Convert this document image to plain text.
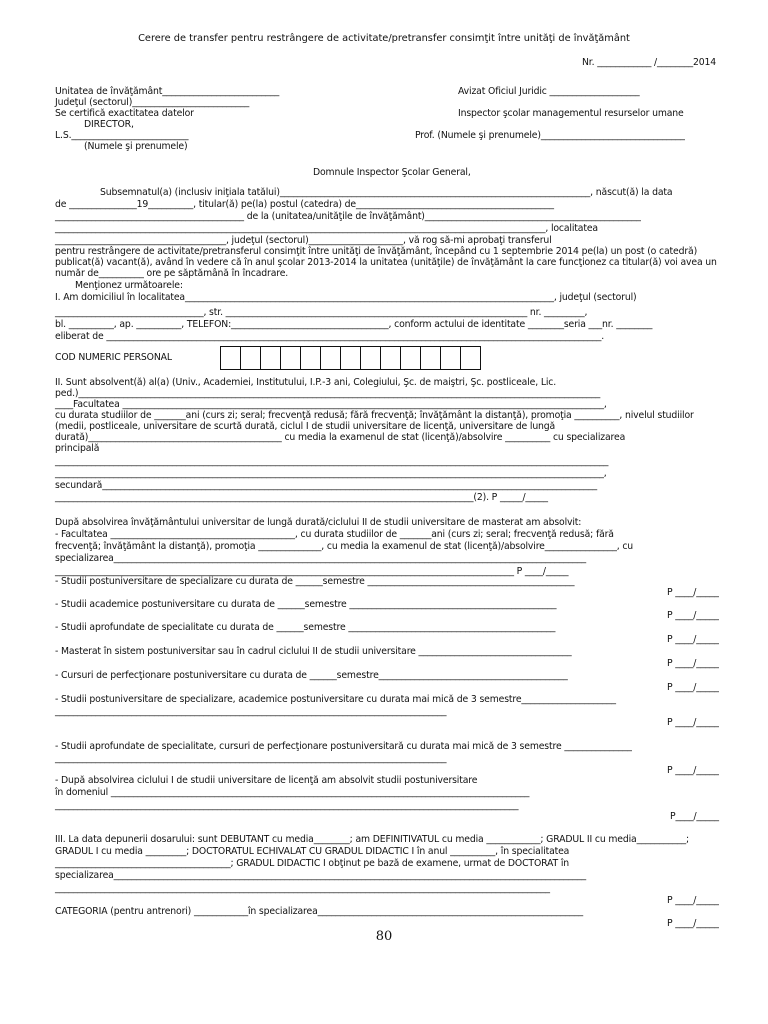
Cerere de transfer pentru restrângere de activitate/pretransfer consimţit între unităţi de învăţământ
Nr. ____________ /________2014
Unitatea de învăţământ__________________________	Avizat Oficiul Juridic ____________________
Judeţul (sectorul)__________________________
Se certifică exactitatea datelor	Inspector şcolar managementul resurselor umane
DIRECTOR,
L.S.__________________________	Prof. (Numele şi prenumele)________________________________
(Numele şi prenumele)
Domnule Inspector Şcolar General,
Subsemnatul(a) (inclusiv iniţiala tatălui)_____________________________________________________________________, născut(ă) la data
de _______________19__________, titular(ă) pe(la) postul (catedra) de____________________________________________
__________________________________________ de la (unitatea/unităţile de învăţământ)________________________________________________
_____________________________________________________________________________________________________________, localitatea
______________________________________, judeţul (sectorul)_____________________, vă rog să-mi aprobaţi transferul
pentru restrângere de activitate/pretransferul consimţit între unităţi de învăţământ, începând cu 1 septembrie 2014 pe(la) un post (o catedră)
publicat(ă) vacant(ă), având în vedere că în anul şcolar 2013-2014 la unitatea (unităţile) de învăţământ la care funcţionez ca titular(ă) voi avea un
număr de__________ ore pe săptămână în încadrare.
Menţionez următoarele:
I. Am domiciliul în localitatea__________________________________________________________________________________, judeţul (sectorul)
_________________________________, str. ___________________________________________________________________ nr. _________,
bl. __________, ap. __________, TELEFON:___________________________________, conform actului de identitate ________seria ___nr. ________
eliberat de ______________________________________________________________________________________________________________.
COD NUMERIC PERSONAL
II. Sunt absolvent(ă) al(a) (Univ., Academiei, Institutului, I.P.-3 ani, Colegiului, Şc. de maiştri, Şc. postliceale, Lic.
ped.)____________________________________________________________________________________________________________________
____Facultatea ___________________________________________________________________________________________________________,
cu durata studiilor de _______ani (curs zi; seral; frecvenţă redusă; fără frecvenţă; învăţământ la distanţă), promoţia __________, nivelul studiilor
(medii, postliceale, universitare de scurtă durată, ciclul I de studii universitare de licenţă, universitare de lungă
durată)___________________________________________ cu media la examenul de stat (licenţă)/absolvire __________ cu specializarea
principală
___________________________________________________________________________________________________________________________
__________________________________________________________________________________________________________________________,
secundară______________________________________________________________________________________________________________
_____________________________________________________________________________________________(2). P _____/_____
După absolvirea învăţământului universitar de lungă durată/ciclului II de studii universitare de masterat am absolvit:
- Facultatea _________________________________________, cu durata studiilor de _______ani (curs zi; seral; frecvenţă redusă; fără
frecvenţă; învăţământ la distanţă), promoţia ______________, cu media la examenul de stat (licenţă)/absolvire________________, cu
specializarea_________________________________________________________________________________________________________
______________________________________________________________________________________________________ P ____/_____
- Studii postuniversitare de specializare cu durata de ______semestre ______________________________________________
P ____/_____
- Studii academice postuniversitare cu durata de ______semestre ______________________________________________
P ____/_____
- Studii aprofundate de specialitate cu durata de ______semestre ______________________________________________
P ____/_____
- Masterat în sistem postuniversitar sau în cadrul ciclului II de studii universitare __________________________________
P ____/_____
- Cursuri de perfecţionare postuniversitare cu durata de ______semestre__________________________________________
P ____/_____
- Studii postuniversitare de specializare, academice postuniversitare cu durata mai mică de 3 semestre_____________________
_______________________________________________________________________________________
P ____/_____
- Studii aprofundate de specialitate, cursuri de perfecţionare postuniversitară cu durata mai mică de 3 semestre _______________
_______________________________________________________________________________________
P ____/_____
- După absolvirea ciclului I de studii universitare de licenţă am absolvit studii postuniversitare
în domeniul _____________________________________________________________________________________________
_______________________________________________________________________________________________________
P____/_____
III. La data depunerii dosarului: sunt DEBUTANT cu media________; am DEFINITIVATUL cu media ____________; GRADUL II cu media___________;
GRADUL I cu media _________; DOCTORATUL ECHIVALAT CU GRADUL DIDACTIC I în anul __________, în specialitatea
_______________________________________; GRADUL DIDACTIC I obţinut pe bază de examene, urmat de DOCTORAT în
specializarea_________________________________________________________________________________________________________
______________________________________________________________________________________________________________
P ____/_____
CATEGORIA (pentru antrenori) ____________în specializarea___________________________________________________________
P ____/_____
80
